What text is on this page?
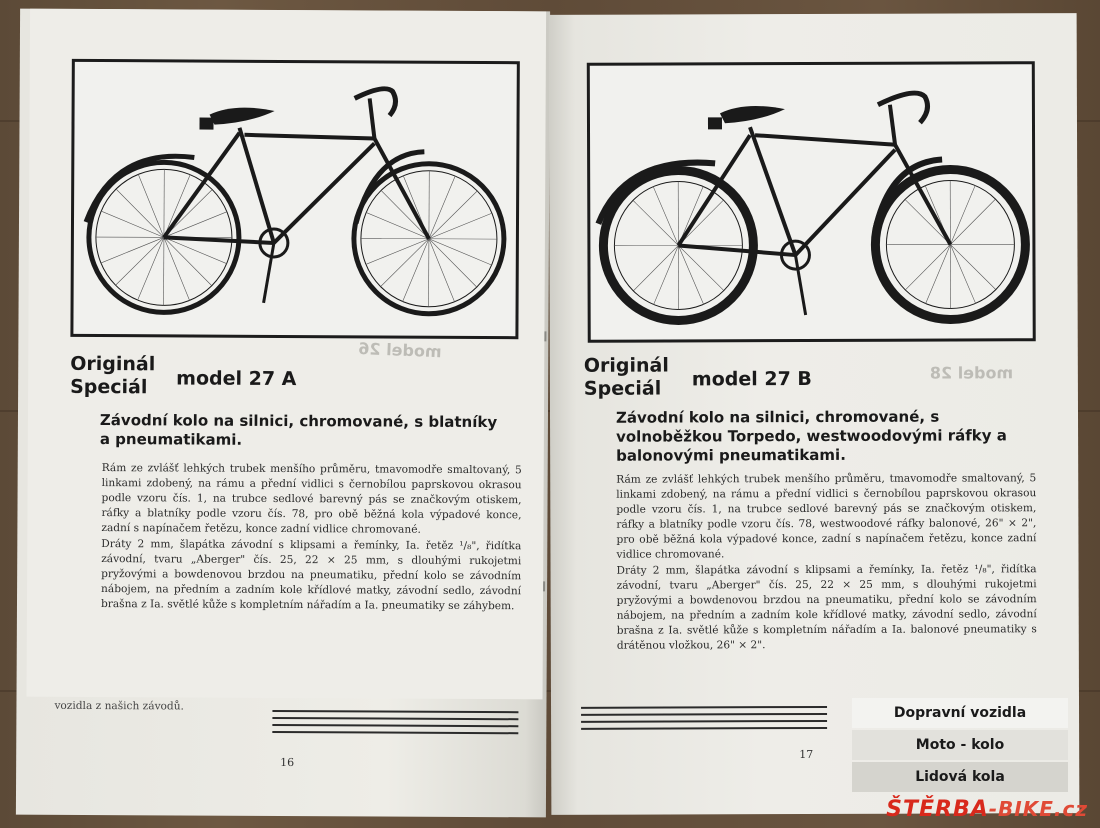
Originál
Speciál	model 27 A
model 26
Závodní kolo na silnici, chromované, s blatníky a pneumatikami.

Rám ze zvlášť lehkých trubek menšího průměru, tmavomodře smaltovaný, 5 linkami zdobený, na rámu a přední vidlici s černobílou paprskovou okrasou podle vzoru čís. 1, na trubce sedlové barevný pás se značkovým otiskem, ráfky a blatníky podle vzoru čís. 78, pro obě běžná kola výpadové konce, zadní s napínačem řetězu, konce zadní vidlice chromované.

Dráty 2 mm, šlapátka závodní s klipsami a řemínky, Ia. řetěz ¹/₈", řidítka závodní, tvaru „Aberger" čís. 25, 22 × 25 mm, s dlouhými rukojetmi pryžovými a bowdenovou brzdou na pneumatiku, přední kolo se závodním nábojem, na předním a zadním kole křídlové matky, závodní sedlo, závodní brašna z Ia. světlé kůže s kompletním nářadím a Ia. pneumatiky se záhybem.

vozidla z našich závodů.
16
Originál
Speciál	model 27 B	model 28
Závodní kolo na silnici, chromované, s volnoběžkou Torpedo, westwoodovými ráfky a balonovými pneumatikami.

Rám ze zvlášť lehkých trubek menšího průměru, tmavomodře smaltovaný, 5 linkami zdobený, na rámu a přední vidlici s černobílou paprskovou okrasou podle vzoru čís. 1, na trubce sedlové barevný pás se značkovým otiskem, ráfky a blatníky podle vzoru čís. 78, westwoodové ráfky balonové, 26" × 2", pro obě běžná kola výpadové konce, zadní s napínačem řetězu, konce zadní vidlice chromované.

Dráty 2 mm, šlapátka závodní s klipsami a řemínky, Ia. řetěz ¹/₈", řidítka závodní, tvaru „Aberger" čís. 25, 22 × 25 mm, s dlouhými rukojetmi pryžovými a bowdenovou brzdou na pneumatiku, přední kolo se závodním nábojem, na předním a zadním kole křídlové matky, závodní sedlo, závodní brašna z Ia. světlé kůže s kompletním nářadím a Ia. balonové pneumatiky s drátěnou vložkou, 26" × 2".

17
Dopravní vozidla
Moto - kolo
Lidová kola
ŠTĚRBA-BIKE.cz
